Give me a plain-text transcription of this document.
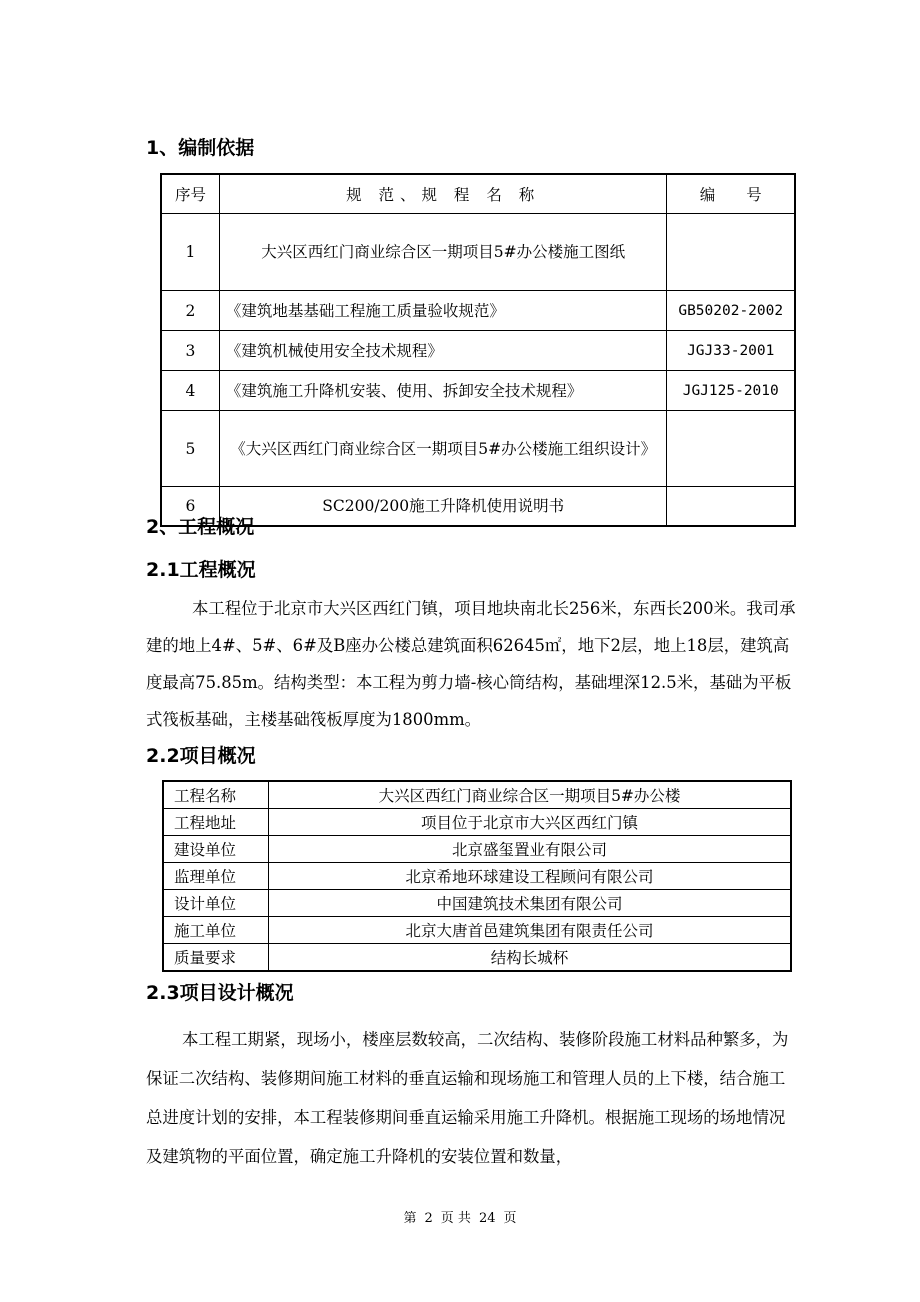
1、编制依据
序号	规 范、规 程 名 称	编　　号
1	大兴区西红门商业综合区一期项目5#办公楼施工图纸	
2	《建筑地基基础工程施工质量验收规范》	GB50202-2002
3	《建筑机械使用安全技术规程》	JGJ33-2001
4	《建筑施工升降机安装、使用、拆卸安全技术规程》	JGJ125-2010
5	《大兴区西红门商业综合区一期项目5#办公楼施工组织设计》	
6	SC200/200施工升降机使用说明书	
2、工程概况
2.1工程概况

本工程位于北京市大兴区西红门镇，项目地块南北长256米，东西长200米。我司承建的地上4#、5#、6#及B座办公楼总建筑面积62645㎡，地下2层，地上18层，建筑高度最高75.85m。结构类型：本工程为剪力墙-核心筒结构，基础埋深12.5米，基础为平板式筏板基础，主楼基础筏板厚度为1800mm。

2.2项目概况
工程名称	大兴区西红门商业综合区一期项目5#办公楼
工程地址	项目位于北京市大兴区西红门镇
建设单位	北京盛玺置业有限公司
监理单位	北京希地环球建设工程顾问有限公司
设计单位	中国建筑技术集团有限公司
施工单位	北京大唐首邑建筑集团有限责任公司
质量要求	结构长城杯
2.3项目设计概况

本工程工期紧，现场小，楼座层数较高，二次结构、装修阶段施工材料品种繁多，为保证二次结构、装修期间施工材料的垂直运输和现场施工和管理人员的上下楼，结合施工总进度计划的安排，本工程装修期间垂直运输采用施工升降机。根据施工现场的场地情况及建筑物的平面位置，确定施工升降机的安装位置和数量，

第 2 页 共 24 页
